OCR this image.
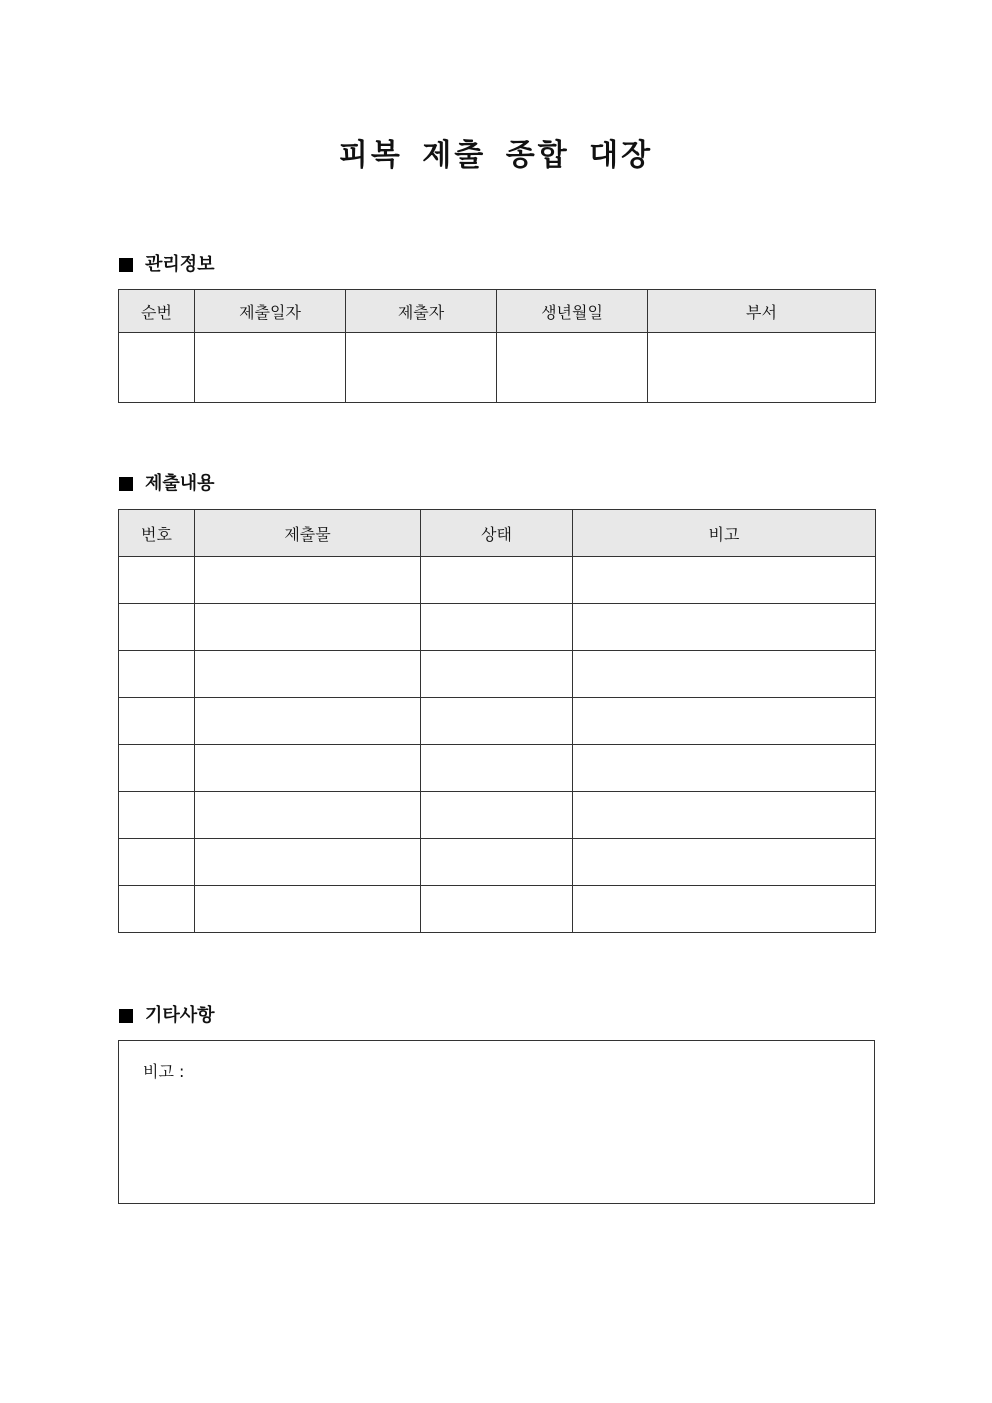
피복 제출 종합 대장
관리정보
순번	제출일자	제출자	생년월일	부서

제출내용
번호	제출물	상태	비고

기타사항
비고 :
